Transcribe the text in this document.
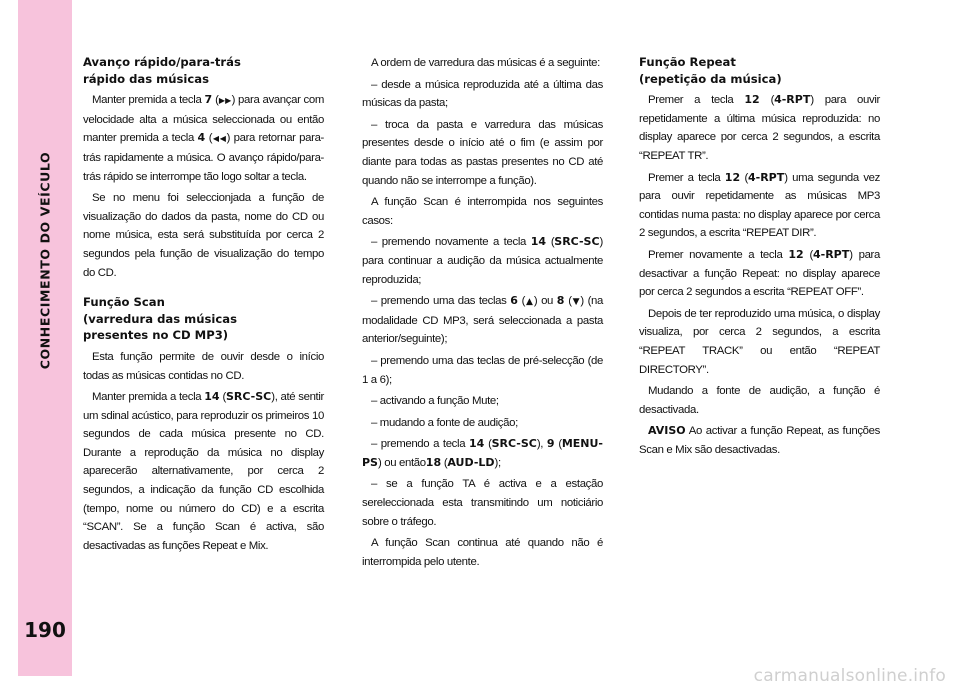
CONHECIMENTO DO VEÍCULO
190
Avanço rápido/para-trás
rápido das músicas

Manter premida a tecla 7 (▶▶) para avançar com velocidade alta a música seleccionada ou então manter premida a tecla 4 (◀◀) para retornar para-trás rapidamente a música. O avanço rápido/para-trás rápido se interrompe tão logo soltar a tecla.

Se no menu foi seleccionjada a função de visualização do dados da pasta, nome do CD ou nome música, esta será substituída por cerca 2 segundos pela função de visualização do tempo do CD.

Função Scan
(varredura das músicas
presentes no CD MP3)

Esta função permite de ouvir desde o início todas as músicas contidas no CD.

Manter premida a tecla 14 (SRC-SC), até sentir um sdinal acústico, para reproduzir os primeiros 10 segundos de cada música presente no CD. Durante a reprodução da música no display aparecerão alternativamente, por cerca 2 segundos, a indicação da função CD escolhida (tempo, nome ou número do CD) e a escrita “SCAN”. Se a função Scan é activa, são desactivadas as funções Repeat e Mix.

A ordem de varredura das músicas é a seguinte:

– desde a música reproduzida até a última das músicas da pasta;

– troca da pasta e varredura das músicas presentes desde o início até o fim (e assim por diante para todas as pastas presentes no CD até quando não se interrompe a função).

A função Scan é interrompida nos seguintes casos:

– premendo novamente a tecla 14 (SRC-SC) para continuar a audição da música actualmente reproduzida;

– premendo uma das teclas 6 (▲) ou 8 (▼) (na modalidade CD MP3, será seleccionada a pasta anterior/seguinte);

– premendo uma das teclas de pré-selecção (de 1 a 6);

– activando a função Mute;

– mudando a fonte de audição;

– premendo a tecla 14 (SRC-SC), 9 (MENU-PS) ou então18 (AUD-LD);

– se a função TA é activa e a estação sereleccionada esta transmitindo um noticiário sobre o tráfego.

A função Scan continua até quando não é interrompida pelo utente.

Função Repeat
(repetição da música)

Premer a tecla 12 (4-RPT) para ouvir repetidamente a última música reproduzida: no display aparece por cerca 2 segundos, a escrita “REPEAT TR”.

Premer a tecla 12 (4-RPT) uma segunda vez para ouvir repetidamente as músicas MP3 contidas numa pasta: no display aparece por cerca 2 segundos, a escrita “REPEAT DIR”.

Premer novamente a tecla 12 (4-RPT) para desactivar a função Repeat: no display aparece por cerca 2 segundos a escrita “REPEAT OFF”.

Depois de ter reproduzido uma música, o display visualiza, por cerca 2 segundos, a escrita “REPEAT TRACK” ou então “REPEAT DIRECTORY”.

Mudando a fonte de audição, a função é desactivada.

AVISO Ao activar a função Repeat, as funções Scan e Mix são desactivadas.

carmanualsonline.info
